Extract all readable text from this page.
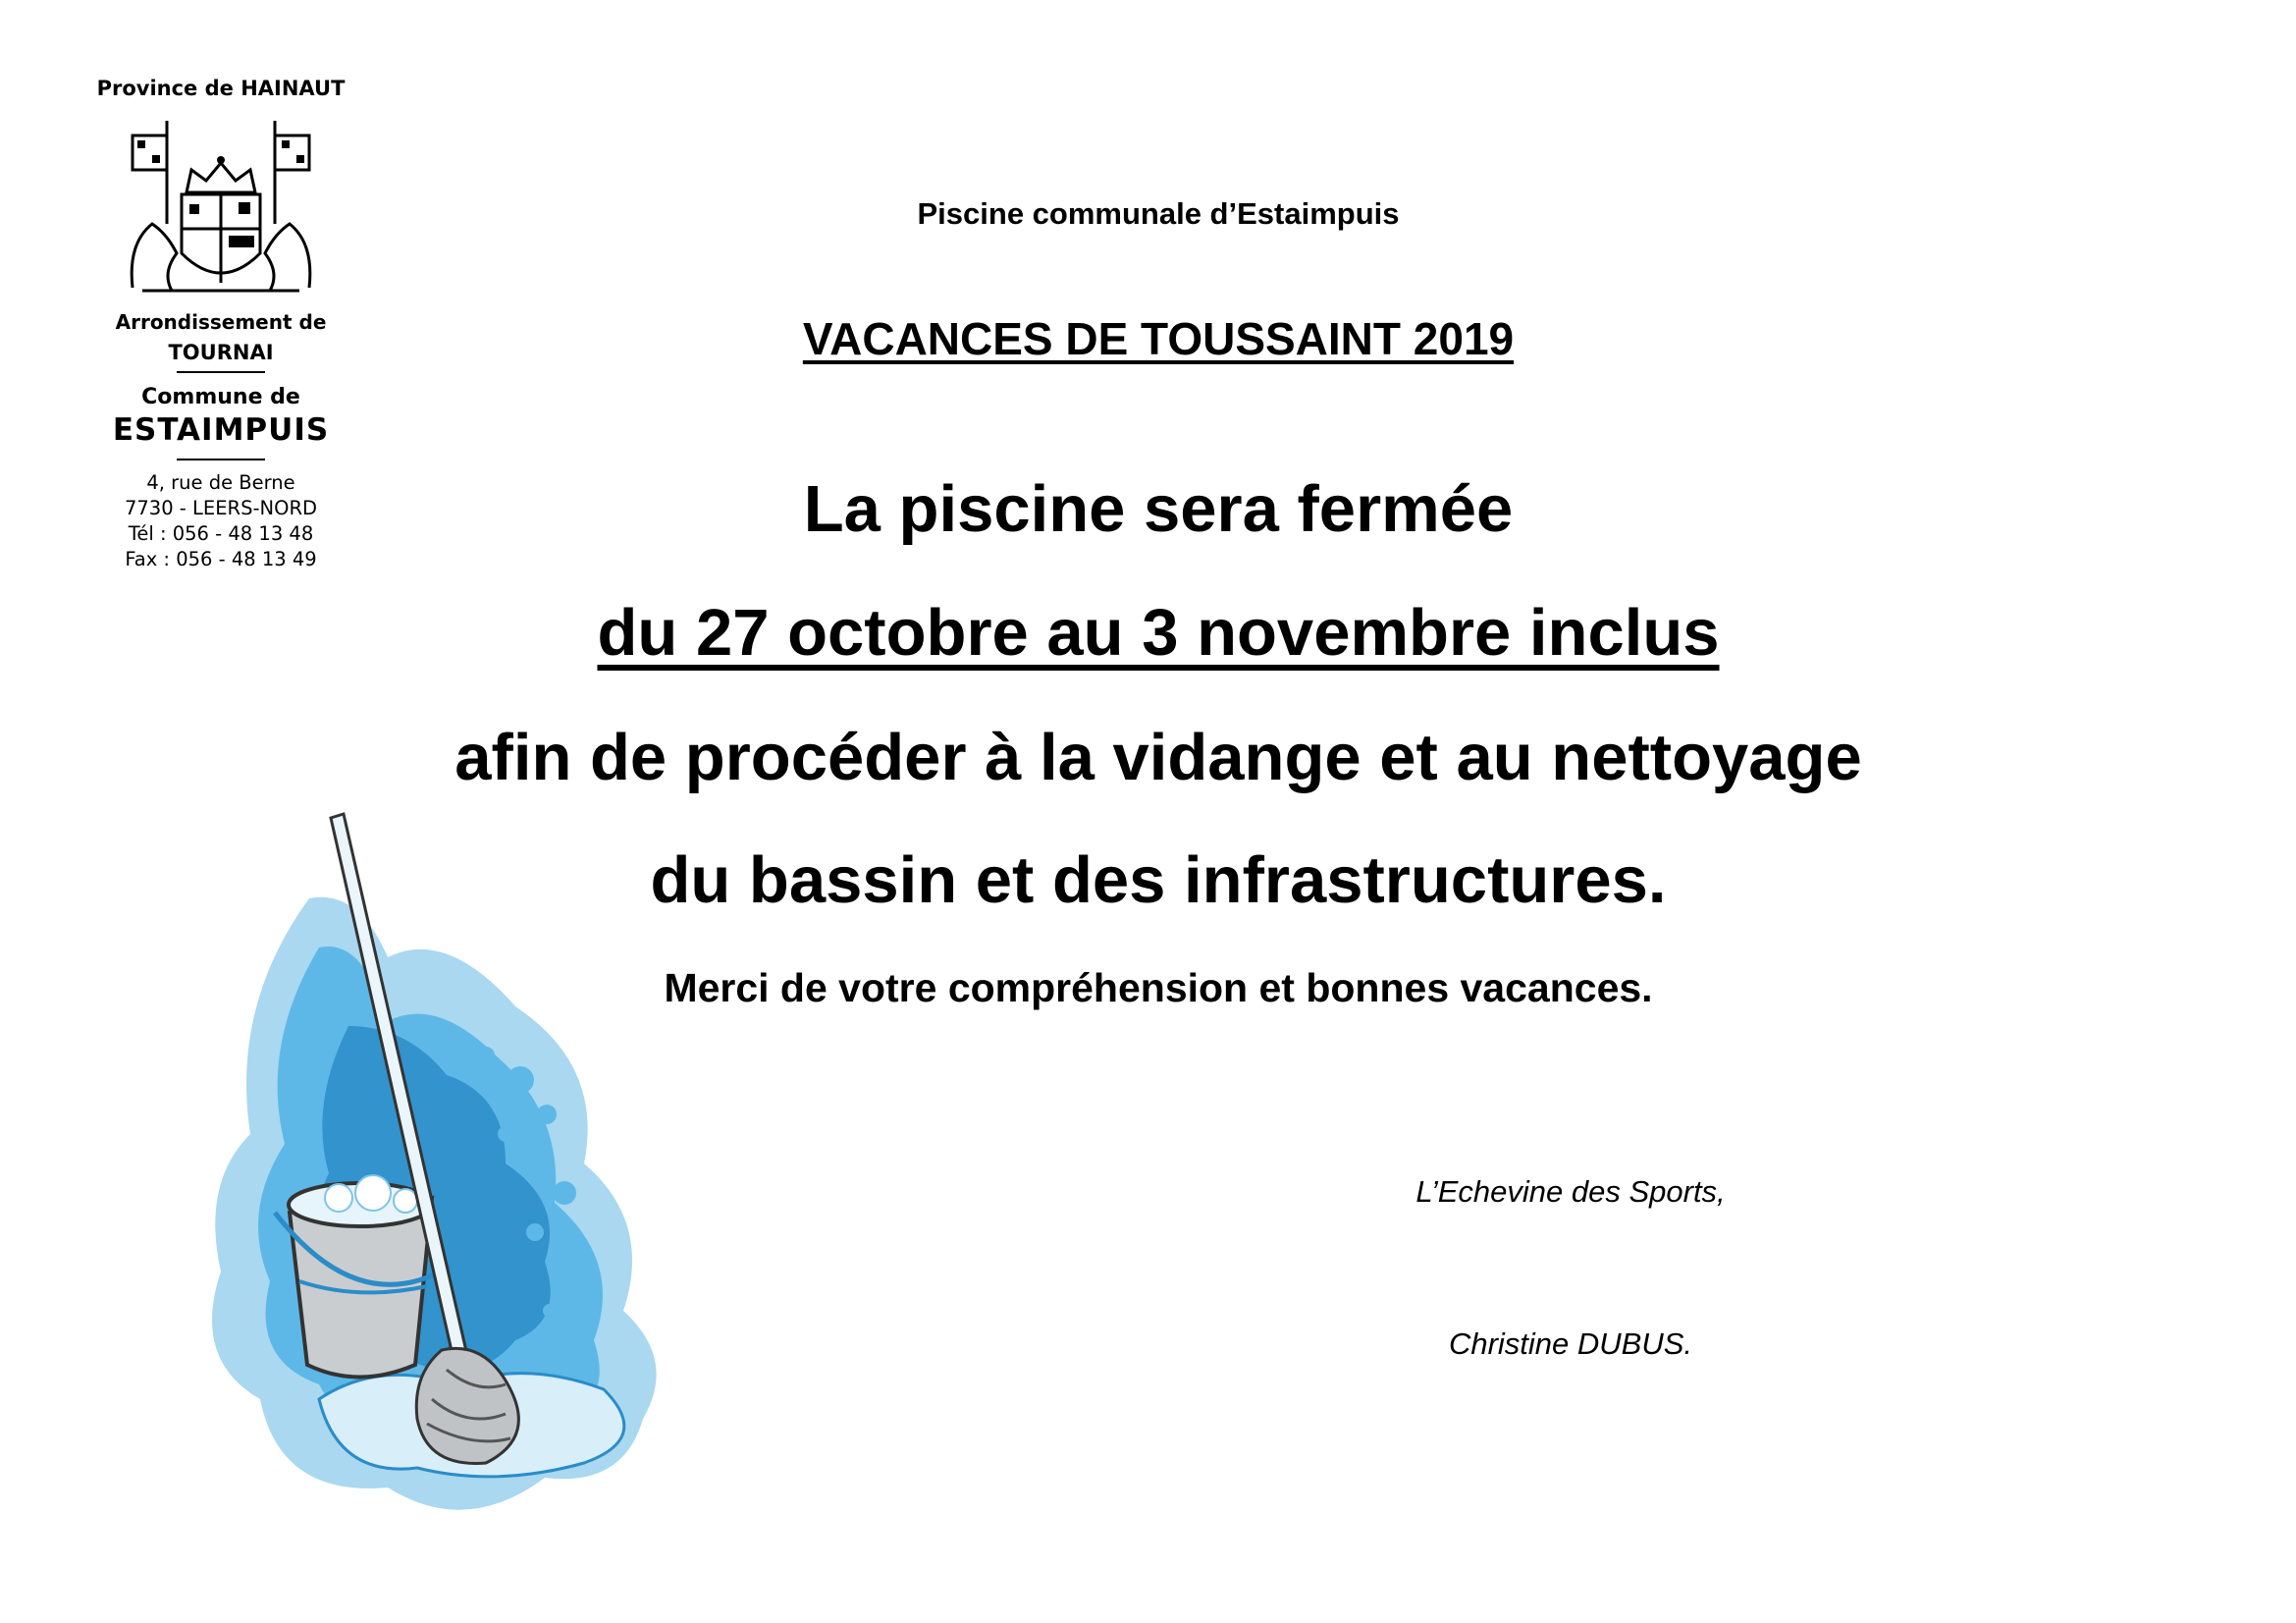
Province de HAINAUT
Arrondissement de
TOURNAI
Commune de
ESTAIMPUIS
4, rue de Berne
7730 - LEERS-NORD
Tél : 056 - 48 13 48
Fax : 056 - 48 13 49
Piscine communale d’Estaimpuis
VACANCES DE TOUSSAINT 2019
La piscine sera fermée
du 27 octobre au 3 novembre inclus
afin de procéder à la vidange et au nettoyage
du bassin et des infrastructures.
Merci de votre compréhension et bonnes vacances.
L’Echevine des Sports,
Christine DUBUS.
